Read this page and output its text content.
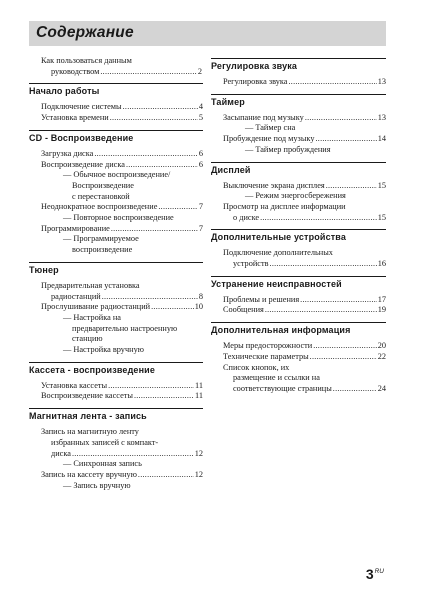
Содержание
Как пользоваться данным
руководством .....	2
Начало работы
Подключение системы .....	4
Установка времени .....	5
CD - Воспроизведение
Загрузка диска .....	6
Воспроизведение диска .....	6
— Обычное воспроизведение/
Воспроизведение
с перестановкой
Неоднократное воспроизведение .....	7
— Повторное воспроизведение
Программирование .....	7
— Программируемое
воспроизведение
Тюнер
Предварительная установка
радиостанций .....	8
Прослушивание радиостанций .....	10
— Настройка на
предварительно настроенную
станцию
— Настройка вручную
Кассета - воспроизведение
Установка кассеты .....	11
Воспроизведение кассеты .....	11
Магнитная лента - запись
Запись на магнитную ленту
избранных записей с компакт-
диска .....	12
— Синхронная запись
Запись на кассету вручную .....	12
— Запись вручную
Регулировка звука
Регулировка звука .....	13
Таймер
Засыпание под музыку .....	13
— Таймер сна
Пробуждение под музыку .....	14
— Таймер пробуждения
Дисплей
Выключение экрана дисплея .....	15
— Режим энергосбережения
Просмотр на дисплее информации
о диске .....	15
Дополнительные устройства
Подключение дополнительных
устройств .....	16
Устранение неисправностей
Проблемы и решения .....	17
Сообщения .....	19
Дополнительная информация
Меры предосторожности .....	20
Технические параметры .....	22
Список кнопок, их
размещение и ссылки на
соответствующие страницы .....	24
$3^{RU}$
